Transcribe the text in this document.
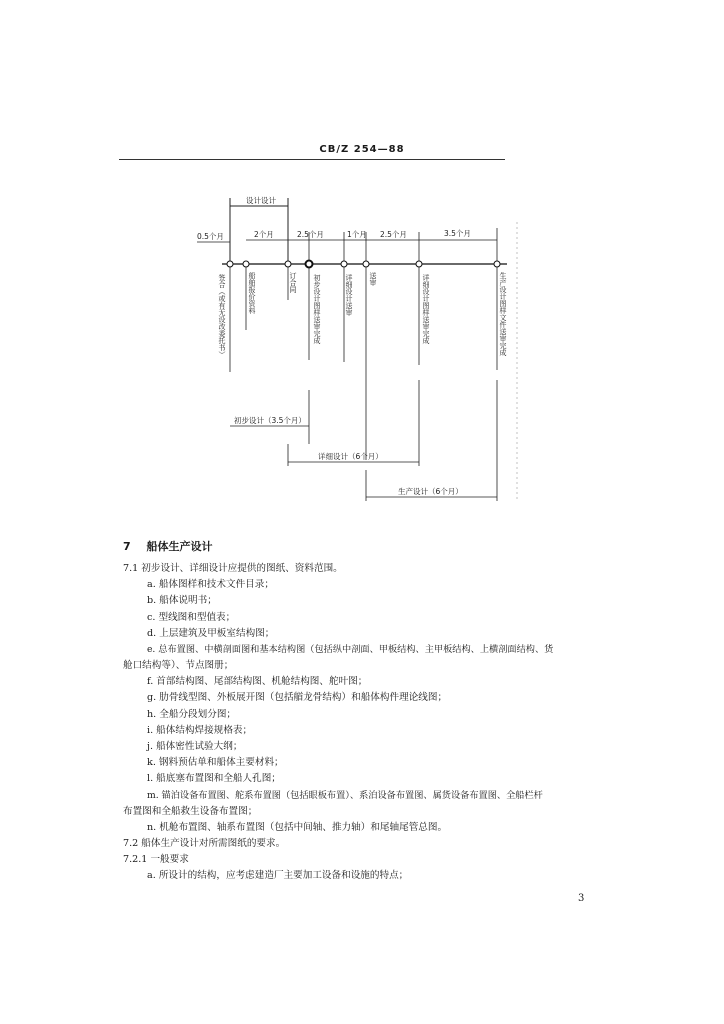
CB/Z 254—88
设计设计
0.5个月	2个月	2.5个月	1个月 2.5个月	3.5个月
签合（或有无设改委托书）	船舶报价资料	订合同 初步设计图样送审完成	详细设计送审 送审	详细设计图样送审完成	生产设计图样文件送审完成
初步设计（3.5个月）
详细设计（6个月）
生产设计（6个月）
7 船体生产设计
7.1 初步设计、详细设计应提供的图纸、资料范围。
a. 船体图样和技术文件目录；
b. 船体说明书；
c. 型线图和型值表；
d. 上层建筑及甲板室结构图；
e. 总布置图、中横剖面图和基本结构图（包括纵中剖面、甲板结构、主甲板结构、上横剖面结构、货
舱口结构等）、节点图册；
f. 首部结构图、尾部结构图、机舱结构图、舵叶图；
g. 肋骨线型图、外板展开图（包括艏龙骨结构）和船体构件理论线图；
h. 全船分段划分图；
i. 船体结构焊接规格表；
j. 船体密性试验大纲；
k. 钢料预估单和船体主要材料；
l. 船底塞布置图和全船人孔图；
m. 锚泊设备布置图、舵系布置图（包括眼板布置）、系泊设备布置图、属货设备布置图、全船栏杆
布置图和全船救生设备布置图；
n. 机舱布置图、轴系布置图（包括中间轴、推力轴）和尾轴尾管总图。
7.2 船体生产设计对所需图纸的要求。
7.2.1 一般要求
a. 所设计的结构，应考虑建造厂主要加工设备和设施的特点；
3
